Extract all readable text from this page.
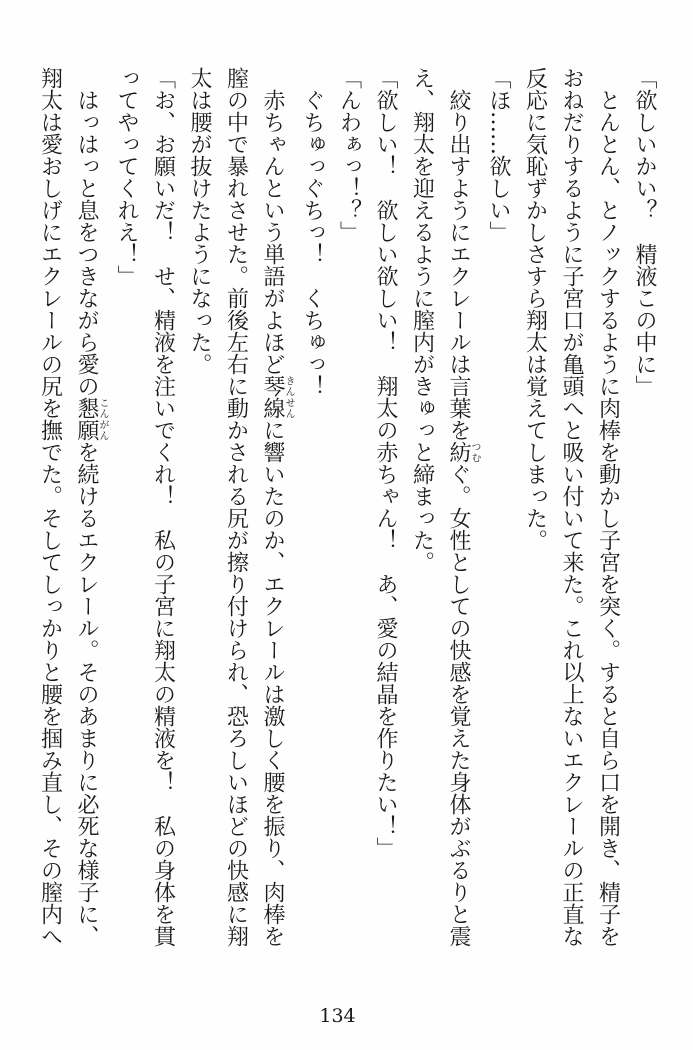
「欲しいかい？　精液この中に」

とんとん、とノックするように肉棒を動かし子宮を突く。すると自ら口を開き、精子をおねだりするように子宮口が亀頭へと吸い付いて来た。これ以上ないエクレールの正直な反応に気恥ずかしさすら翔太は覚えてしまった。

「ほ……欲しい」

絞り出すようにエクレールは言葉を紡つむぐ。女性としての快感を覚えた身体がぶるりと震え、翔太を迎えるように膣内がきゅっと締まった。

「欲しい！　欲しい欲しい！　翔太の赤ちゃん！　あ、愛の結晶を作りたい！」

「んわぁっ！？」

ぐちゅっぐちっ！　くちゅっ！

赤ちゃんという単語がよほど琴線きんせんに響いたのか、エクレールは激しく腰を振り、肉棒を膣の中で暴れさせた。前後左右に動かされる尻が擦り付けられ、恐ろしいほどの快感に翔太は腰が抜けたようになった。

「お、お願いだ！　せ、精液を注いでくれ！　私の子宮に翔太の精液を！　私の身体を貫ってやってくれえ！」

はっはっと息をつきながら愛の懇願こんがんを続けるエクレール。そのあまりに必死な様子に、翔太は愛おしげにエクレールの尻を撫でた。そしてしっかりと腰を掴み直し、その膣内へ

134
